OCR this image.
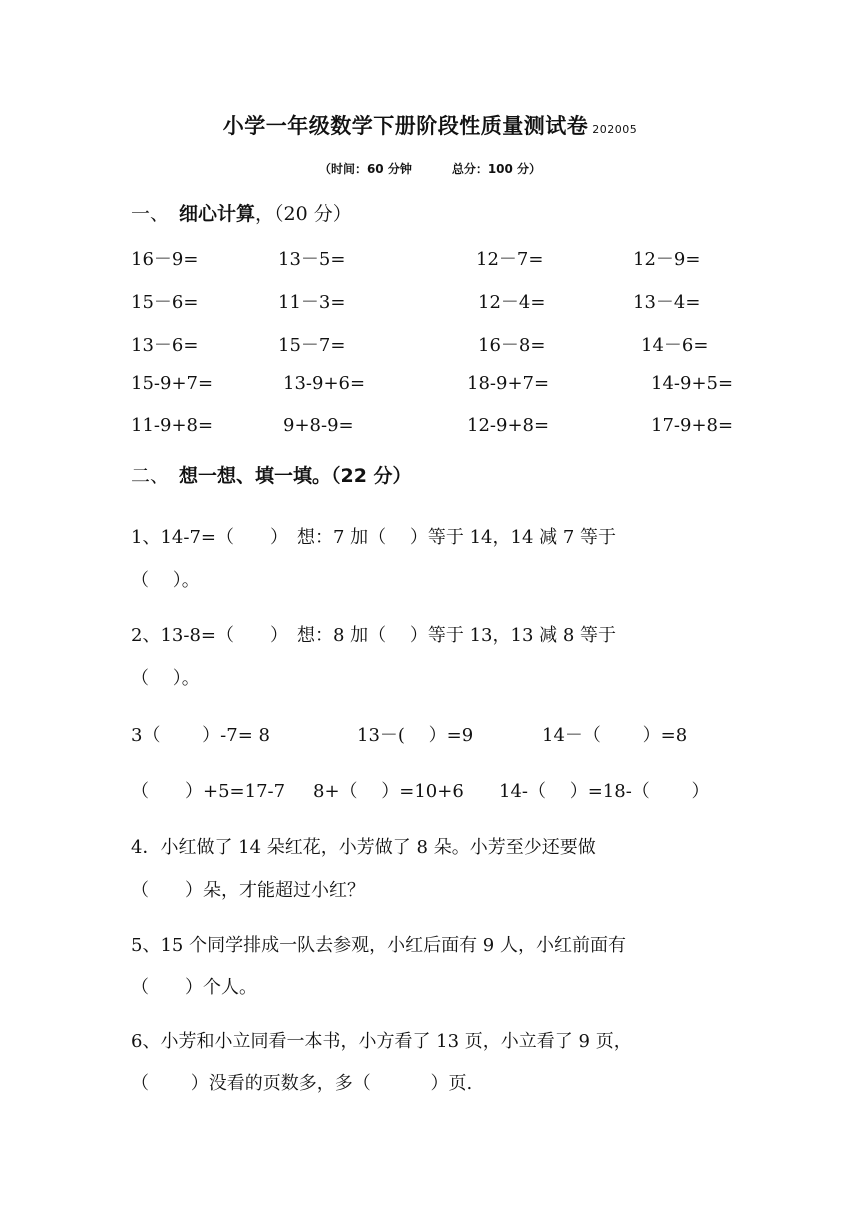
小学一年级数学下册阶段性质量测试卷 202005
（时间：60 分钟	总分：100 分）
一、 细心计算，（20 分）
16－9=	13－5=	12－7=	12－9=
15－6=	11－3=	12－4=	13－4=
13－6=	15－7=	16－8=	14－6=
15-9+7=	13-9+6=	18-9+7=	14-9+5=
11-9+8=	9+8-9=	12-9+8=	17-9+8=
二、 想一想、填一填。（22 分）
1、14-7=（　　）　想：7 加（　 ）等于 14，14 减 7 等于
（　 ）。
2、13-8=（　　）　想：8 加（　 ）等于 13，13 减 8 等于
（　 ）。
3（　　 ）-7= 8	13－(　 ）=9	14－（　　 ）=8
（　　）+5=17-7 8+（　 ）=10+6 14-（　 ）=18-（　　 ）
4．小红做了 14 朵红花，小芳做了 8 朵。小芳至少还要做
（　　）朵，才能超过小红？
5、15 个同学排成一队去参观，小红后面有 9 人，小红前面有
（　　）个人。
6、小芳和小立同看一本书，小方看了 13 页，小立看了 9 页，
（　　 ）没看的页数多，多（　　　 ）页.
